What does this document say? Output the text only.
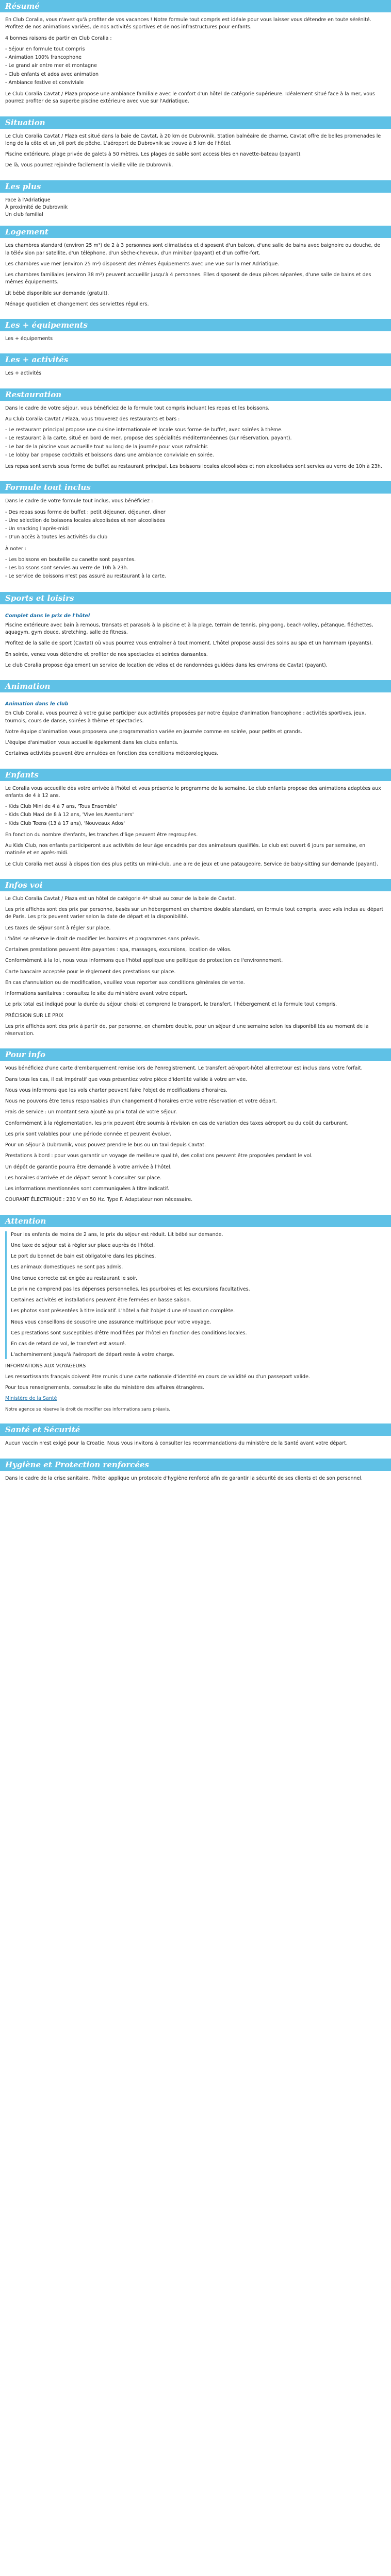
Résumé

En Club Coralia, vous n'avez qu'à profiter de vos vacances ! Notre formule tout compris est idéale pour vous laisser vous détendre en toute sérénité. Profitez de nos animations variées, de nos activités sportives et de nos infrastructures pour enfants.

4 bonnes raisons de partir en Club Coralia :

- Séjour en formule tout compris
- Animation 100% francophone
- Le grand air entre mer et montagne
- Club enfants et ados avec animation
- Ambiance festive et conviviale

Le Club Coralia Cavtat / Plaza propose une ambiance familiale avec le confort d'un hôtel de catégorie supérieure. Idéalement situé face à la mer, vous pourrez profiter de sa superbe piscine extérieure avec vue sur l'Adriatique.

Situation

Le Club Coralia Cavtat / Plaza est situé dans la baie de Cavtat, à 20 km de Dubrovnik. Station balnéaire de charme, Cavtat offre de belles promenades le long de la côte et un joli port de pêche. L'aéroport de Dubrovnik se trouve à 5 km de l'hôtel.

Piscine extérieure, plage privée de galets à 50 mètres. Les plages de sable sont accessibles en navette-bateau (payant).

De là, vous pourrez rejoindre facilement la vieille ville de Dubrovnik.

Les plus
Face à l'Adriatique
À proximité de Dubrovnik
Un club familial
Logement

Les chambres standard (environ 25 m²) de 2 à 3 personnes sont climatisées et disposent d'un balcon, d'une salle de bains avec baignoire ou douche, de la télévision par satellite, d'un téléphone, d'un sèche-cheveux, d'un minibar (payant) et d'un coffre-fort.

Les chambres vue mer (environ 25 m²) disposent des mêmes équipements avec une vue sur la mer Adriatique.

Les chambres familiales (environ 38 m²) peuvent accueillir jusqu'à 4 personnes. Elles disposent de deux pièces séparées, d'une salle de bains et des mêmes équipements.

Lit bébé disponible sur demande (gratuit).

Ménage quotidien et changement des serviettes réguliers.

Les + équipements

Les + équipements

Les + activités

Les + activités

Restauration

Dans le cadre de votre séjour, vous bénéficiez de la formule tout compris incluant les repas et les boissons.

Au Club Coralia Cavtat / Plaza, vous trouverez des restaurants et bars :

- Le restaurant principal propose une cuisine internationale et locale sous forme de buffet, avec soirées à thème.
- Le restaurant à la carte, situé en bord de mer, propose des spécialités méditerranéennes (sur réservation, payant).
- Le bar de la piscine vous accueille tout au long de la journée pour vous rafraîchir.
- Le lobby bar propose cocktails et boissons dans une ambiance conviviale en soirée.

Les repas sont servis sous forme de buffet au restaurant principal. Les boissons locales alcoolisées et non alcoolisées sont servies au verre de 10h à 23h.

Formule tout inclus

Dans le cadre de votre formule tout inclus, vous bénéficiez :

- Des repas sous forme de buffet : petit déjeuner, déjeuner, dîner
- Une sélection de boissons locales alcoolisées et non alcoolisées
- Un snacking l'après-midi
- D'un accès à toutes les activités du club

À noter :

- Les boissons en bouteille ou canette sont payantes.
- Les boissons sont servies au verre de 10h à 23h.
- Le service de boissons n'est pas assuré au restaurant à la carte.
Sports et loisirs
Complet dans le prix de l'hôtel

Piscine extérieure avec bain à remous, transats et parasols à la piscine et à la plage, terrain de tennis, ping-pong, beach-volley, pétanque, fléchettes, aquagym, gym douce, stretching, salle de fitness.

Profitez de la salle de sport (Cavtat) où vous pourrez vous entraîner à tout moment. L'hôtel propose aussi des soins au spa et un hammam (payants).

En soirée, venez vous détendre et profiter de nos spectacles et soirées dansantes.

Le club Coralia propose également un service de location de vélos et de randonnées guidées dans les environs de Cavtat (payant).

Animation
Animation dans le club

En Club Coralia, vous pourrez à votre guise participer aux activités proposées par notre équipe d'animation francophone : activités sportives, jeux, tournois, cours de danse, soirées à thème et spectacles.

Notre équipe d'animation vous proposera une programmation variée en journée comme en soirée, pour petits et grands.

L'équipe d'animation vous accueille également dans les clubs enfants.

Certaines activités peuvent être annulées en fonction des conditions météorologiques.

Enfants

Le Coralia vous accueille dès votre arrivée à l'hôtel et vous présente le programme de la semaine. Le club enfants propose des animations adaptées aux enfants de 4 à 12 ans.

- Kids Club Mini de 4 à 7 ans, 'Tous Ensemble'
- Kids Club Maxi de 8 à 12 ans, 'Vive les Aventuriers'
- Kids Club Teens (13 à 17 ans), 'Nouveaux Ados'

En fonction du nombre d'enfants, les tranches d'âge peuvent être regroupées.

Au Kids Club, nos enfants participeront aux activités de leur âge encadrés par des animateurs qualifiés. Le club est ouvert 6 jours par semaine, en matinée et en après-midi.

Le Club Coralia met aussi à disposition des plus petits un mini-club, une aire de jeux et une pataugeoire. Service de baby-sitting sur demande (payant).

Infos voi

Le Club Coralia Cavtat / Plaza est un hôtel de catégorie 4* situé au cœur de la baie de Cavtat.

Les prix affichés sont des prix par personne, basés sur un hébergement en chambre double standard, en formule tout compris, avec vols inclus au départ de Paris. Les prix peuvent varier selon la date de départ et la disponibilité.

Les taxes de séjour sont à régler sur place.

L'hôtel se réserve le droit de modifier les horaires et programmes sans préavis.

Certaines prestations peuvent être payantes : spa, massages, excursions, location de vélos.

Conformément à la loi, nous vous informons que l'hôtel applique une politique de protection de l'environnement.

Carte bancaire acceptée pour le règlement des prestations sur place.

En cas d'annulation ou de modification, veuillez vous reporter aux conditions générales de vente.

Informations sanitaires : consultez le site du ministère avant votre départ.

Le prix total est indiqué pour la durée du séjour choisi et comprend le transport, le transfert, l'hébergement et la formule tout compris.

PRÉCISION SUR LE PRIX

Les prix affichés sont des prix à partir de, par personne, en chambre double, pour un séjour d'une semaine selon les disponibilités au moment de la réservation.

Pour info

Vous bénéficiez d'une carte d'embarquement remise lors de l'enregistrement. Le transfert aéroport-hôtel aller/retour est inclus dans votre forfait.

Dans tous les cas, il est impératif que vous présentiez votre pièce d'identité valide à votre arrivée.

Nous vous informons que les vols charter peuvent faire l'objet de modifications d'horaires.

Nous ne pouvons être tenus responsables d'un changement d'horaires entre votre réservation et votre départ.

Frais de service : un montant sera ajouté au prix total de votre séjour.

Conformément à la réglementation, les prix peuvent être soumis à révision en cas de variation des taxes aéroport ou du coût du carburant.

Les prix sont valables pour une période donnée et peuvent évoluer.

Pour un séjour à Dubrovnik, vous pouvez prendre le bus ou un taxi depuis Cavtat.

Prestations à bord : pour vous garantir un voyage de meilleure qualité, des collations peuvent être proposées pendant le vol.

Un dépôt de garantie pourra être demandé à votre arrivée à l'hôtel.

Les horaires d'arrivée et de départ seront à consulter sur place.

Les informations mentionnées sont communiquées à titre indicatif.

COURANT ÉLECTRIQUE : 230 V en 50 Hz. Type F. Adaptateur non nécessaire.

Attention

Pour les enfants de moins de 2 ans, le prix du séjour est réduit. Lit bébé sur demande.

Une taxe de séjour est à régler sur place auprès de l'hôtel.

Le port du bonnet de bain est obligatoire dans les piscines.

Les animaux domestiques ne sont pas admis.

Une tenue correcte est exigée au restaurant le soir.

Le prix ne comprend pas les dépenses personnelles, les pourboires et les excursions facultatives.

Certaines activités et installations peuvent être fermées en basse saison.

Les photos sont présentées à titre indicatif. L'hôtel a fait l'objet d'une rénovation complète.

Nous vous conseillons de souscrire une assurance multirisque pour votre voyage.

Ces prestations sont susceptibles d'être modifiées par l'hôtel en fonction des conditions locales.

En cas de retard de vol, le transfert est assuré.

L'acheminement jusqu'à l'aéroport de départ reste à votre charge.

INFORMATIONS AUX VOYAGEURS

Les ressortissants français doivent être munis d'une carte nationale d'identité en cours de validité ou d'un passeport valide.

Pour tous renseignements, consultez le site du ministère des affaires étrangères.

Ministère de la Santé

Notre agence se réserve le droit de modifier ces informations sans préavis.

Santé et Sécurité

Aucun vaccin n'est exigé pour la Croatie. Nous vous invitons à consulter les recommandations du ministère de la Santé avant votre départ.

Hygiène et Protection renforcées

Dans le cadre de la crise sanitaire, l'hôtel applique un protocole d'hygiène renforcé afin de garantir la sécurité de ses clients et de son personnel.
